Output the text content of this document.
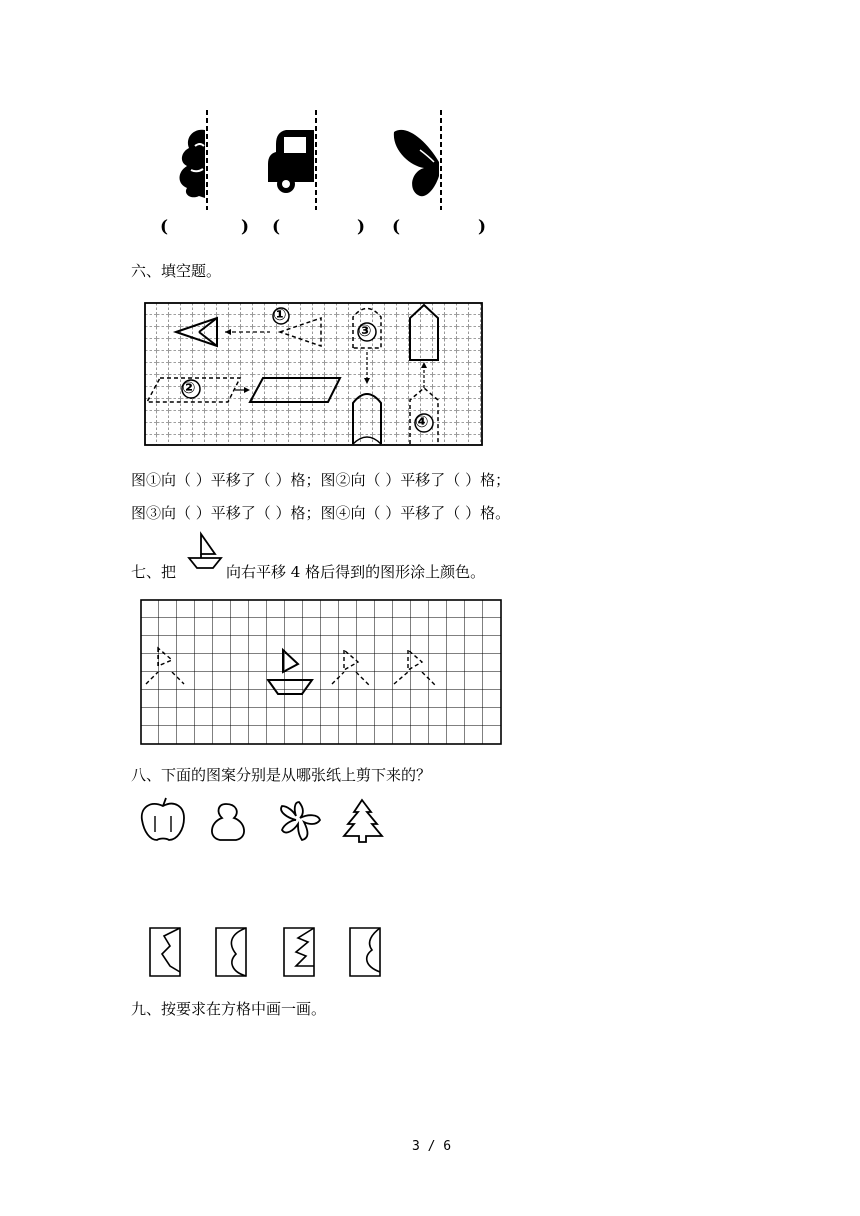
(	) (	) (	)
六、填空题。
①
②
③
④
图①向（ ）平移了（ ）格；图②向（ ）平移了（ ）格；
图③向（ ）平移了（ ）格；图④向（ ）平移了（ ）格。
七、把	向右平移 4 格后得到的图形涂上颜色。
八、下面的图案分别是从哪张纸上剪下来的？
九、按要求在方格中画一画。
3 / 6
